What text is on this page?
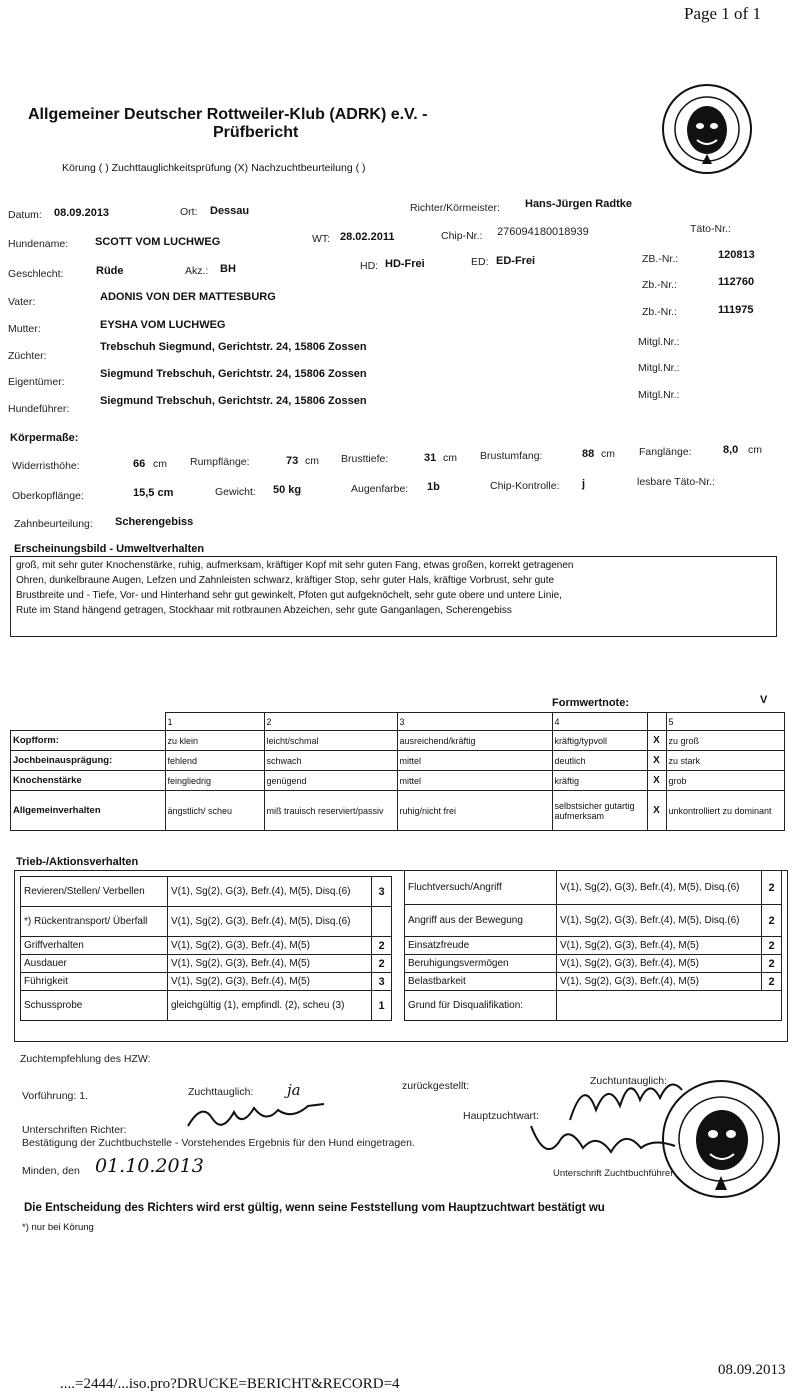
Page 1 of 1
Allgemeiner Deutscher Rottweiler-Klub (ADRK) e.V. -
Prüfbericht
Körung ( ) Zuchttauglichkeitsprüfung (X) Nachzuchtbeurteilung ( )
Datum: 08.09.2013	Ort: Dessau	Richter/Körmeister: Hans-Jürgen Radtke
Täto-Nr.:
Hundename: SCOTT VOM LUCHWEG	WT: 28.02.2011	Chip-Nr.: 276094180018939
Geschlecht:	Rüde	Akz.: BH	HD: HD-Frei	ED: ED-Frei	ZB.-Nr.:	120813
Zb.-Nr.:	112760
Zb.-Nr.:	111975
Vater:	ADONIS VON DER MATTESBURG
Mutter:	EYSHA VOM LUCHWEG
Züchter:
Trebschuh Siegmund, Gerichtstr. 24, 15806 Zossen
Eigentümer:
Siegmund Trebschuh, Gerichtstr. 24, 15806 Zossen
Hundeführer:
Siegmund Trebschuh, Gerichtstr. 24, 15806 Zossen
Mitgl.Nr.:
Mitgl.Nr.:
Mitgl.Nr.:
Körpermaße:
Widerristhöhe:	66 cm Rumpflänge:	73 cm Brusttiefe:	31 cm Brustumfang:	88 cm Fanglänge:	8,0 cm
Oberkopflänge:	15,5 cm	Gewicht: 50 kg	Augenfarbe: 1b	Chip-Kontrolle: j	lesbare Täto-Nr.:
Zahnbeurteilung: Scherengebiss
Erscheinungsbild - Umweltverhalten
groß, mit sehr guter Knochenstärke, ruhig, aufmerksam, kräftiger Kopf mit sehr guten Fang, etwas großen, korrekt getragenen
Ohren, dunkelbraune Augen, Lefzen und Zahnleisten schwarz, kräftiger Stop, sehr guter Hals, kräftige Vorbrust, sehr gute
Brustbreite und - Tiefe, Vor- und Hinterhand sehr gut gewinkelt, Pfoten gut aufgeknöchelt, sehr gute obere und untere Linie,
Rute im Stand hängend getragen, Stockhaar mit rotbraunen Abzeichen, sehr gute Ganganlagen, Scherengebiss
Formwertnote:	V
	1	2	3	4		5
Kopfform:	zu klein	leicht/schmal	ausreichend/kräftig	kräftig/typvoll	X	zu groß
Jochbeinausprägung:	fehlend	schwach	mittel	deutlich	X	zu stark
Knochenstärke	feingliedrig	genügend	mittel	kräftig	X	grob
Allgemeinverhalten	ängstlich/ scheu	miß trauisch reserviert/passiv	ruhig/nicht frei	selbstsicher gutartig aufmerksam	X	unkontrolliert zu dominant
Trieb-/Aktionsverhalten
Revieren/Stellen/ Verbellen	V(1), Sg(2), G(3), Befr.(4), M(5), Disq.(6)	3
*) Rückentransport/ Überfall	V(1), Sg(2), G(3), Befr.(4), M(5), Disq.(6)	
Griffverhalten	V(1), Sg(2), G(3), Befr.(4), M(5)	2
Ausdauer	V(1), Sg(2), G(3), Befr.(4), M(5)	2
Führigkeit	V(1), Sg(2), G(3), Befr.(4), M(5)	3
Schussprobe	gleichgültig (1), empfindl. (2), scheu (3)	1
Fluchtversuch/Angriff	V(1), Sg(2), G(3), Befr.(4), M(5), Disq.(6)	2
Angriff aus der Bewegung	V(1), Sg(2), G(3), Befr.(4), M(5), Disq.(6)	2
Einsatzfreude	V(1), Sg(2), G(3), Befr.(4), M(5)	2
Beruhigungsvermögen	V(1), Sg(2), G(3), Befr.(4), M(5)	2
Belastbarkeit	V(1), Sg(2), G(3), Befr.(4), M(5)	2
Grund für Disqualifikation:		
Zuchtempfehlung des HZW:
Vorführung: 1.	Zuchttauglich: ja	zurückgestellt:	Zuchtuntauglich:
Unterschriften Richter:
Hauptzuchtwart:
Bestätigung der Zuchtbuchstelle - Vorstehendes Ergebnis für den Hund eingetragen.
Minden, den 01.10.2013	Unterschrift Zuchtbuchführer
Die Entscheidung des Richters wird erst gültig, wenn seine Feststellung vom Hauptzuchtwart bestätigt wu
*) nur bei Körung
....=2444/...iso.pro?DRUCKE=BERICHT&RECORD=4
08.09.2013
